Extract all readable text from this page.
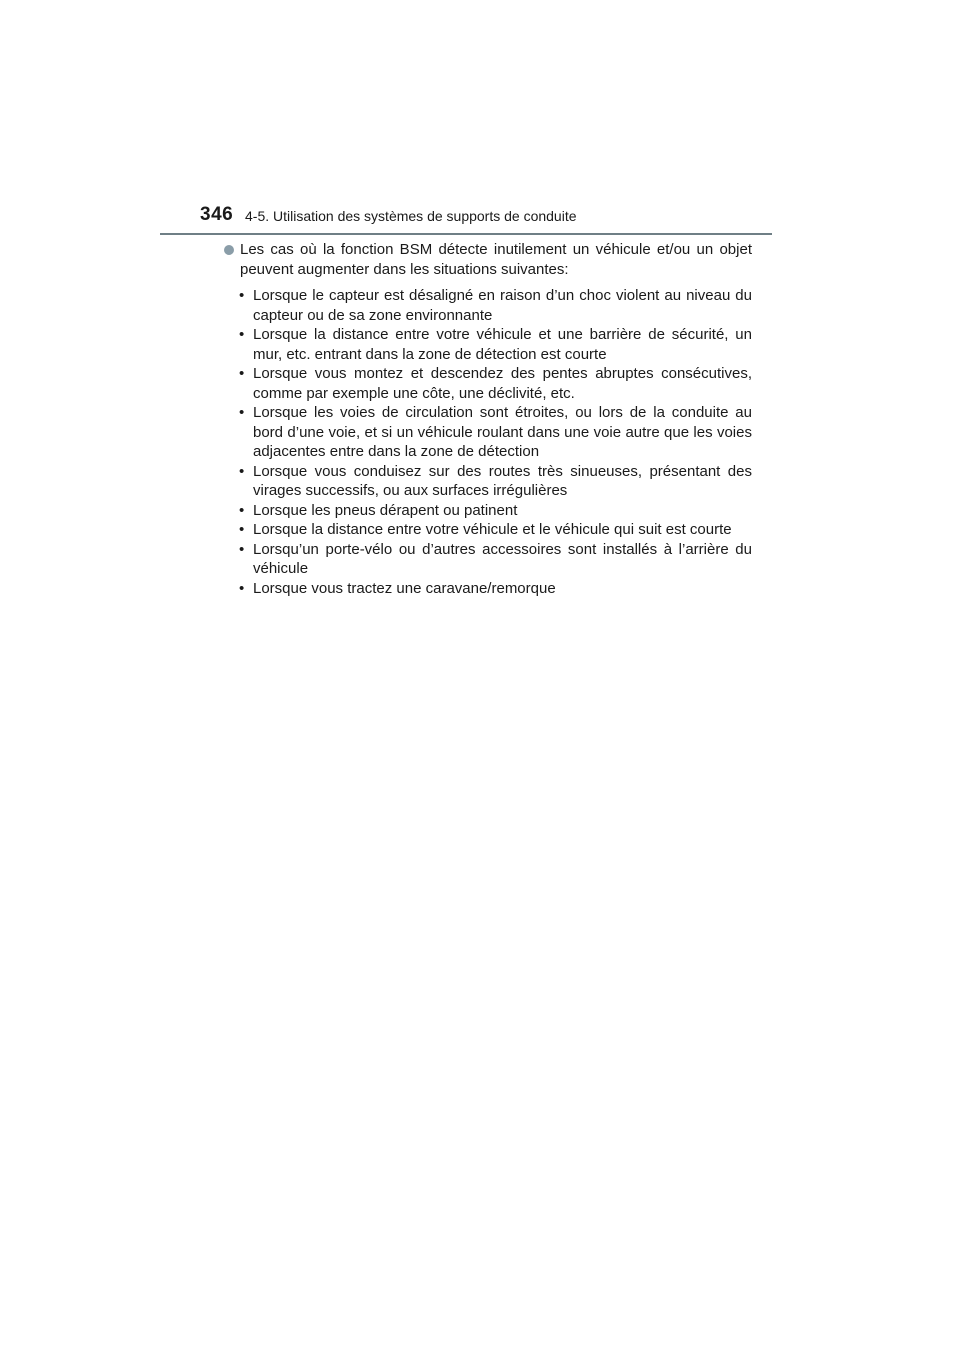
346 4-5. Utilisation des systèmes de supports de conduite
Les cas où la fonction BSM détecte inutilement un véhicule et/ou un objet peuvent augmenter dans les situations suivantes:
• Lorsque le capteur est désaligné en raison d’un choc violent au niveau du capteur ou de sa zone environnante
• Lorsque la distance entre votre véhicule et une barrière de sécurité, un mur, etc. entrant dans la zone de détection est courte
• Lorsque vous montez et descendez des pentes abruptes consécutives, comme par exemple une côte, une déclivité, etc.
• Lorsque les voies de circulation sont étroites, ou lors de la conduite au bord d’une voie, et si un véhicule roulant dans une voie autre que les voies adjacentes entre dans la zone de détection
• Lorsque vous conduisez sur des routes très sinueuses, présentant des virages successifs, ou aux surfaces irrégulières
• Lorsque les pneus dérapent ou patinent
• Lorsque la distance entre votre véhicule et le véhicule qui suit est courte
• Lorsqu’un porte-vélo ou d’autres accessoires sont installés à l’arrière du véhicule
• Lorsque vous tractez une caravane/remorque
